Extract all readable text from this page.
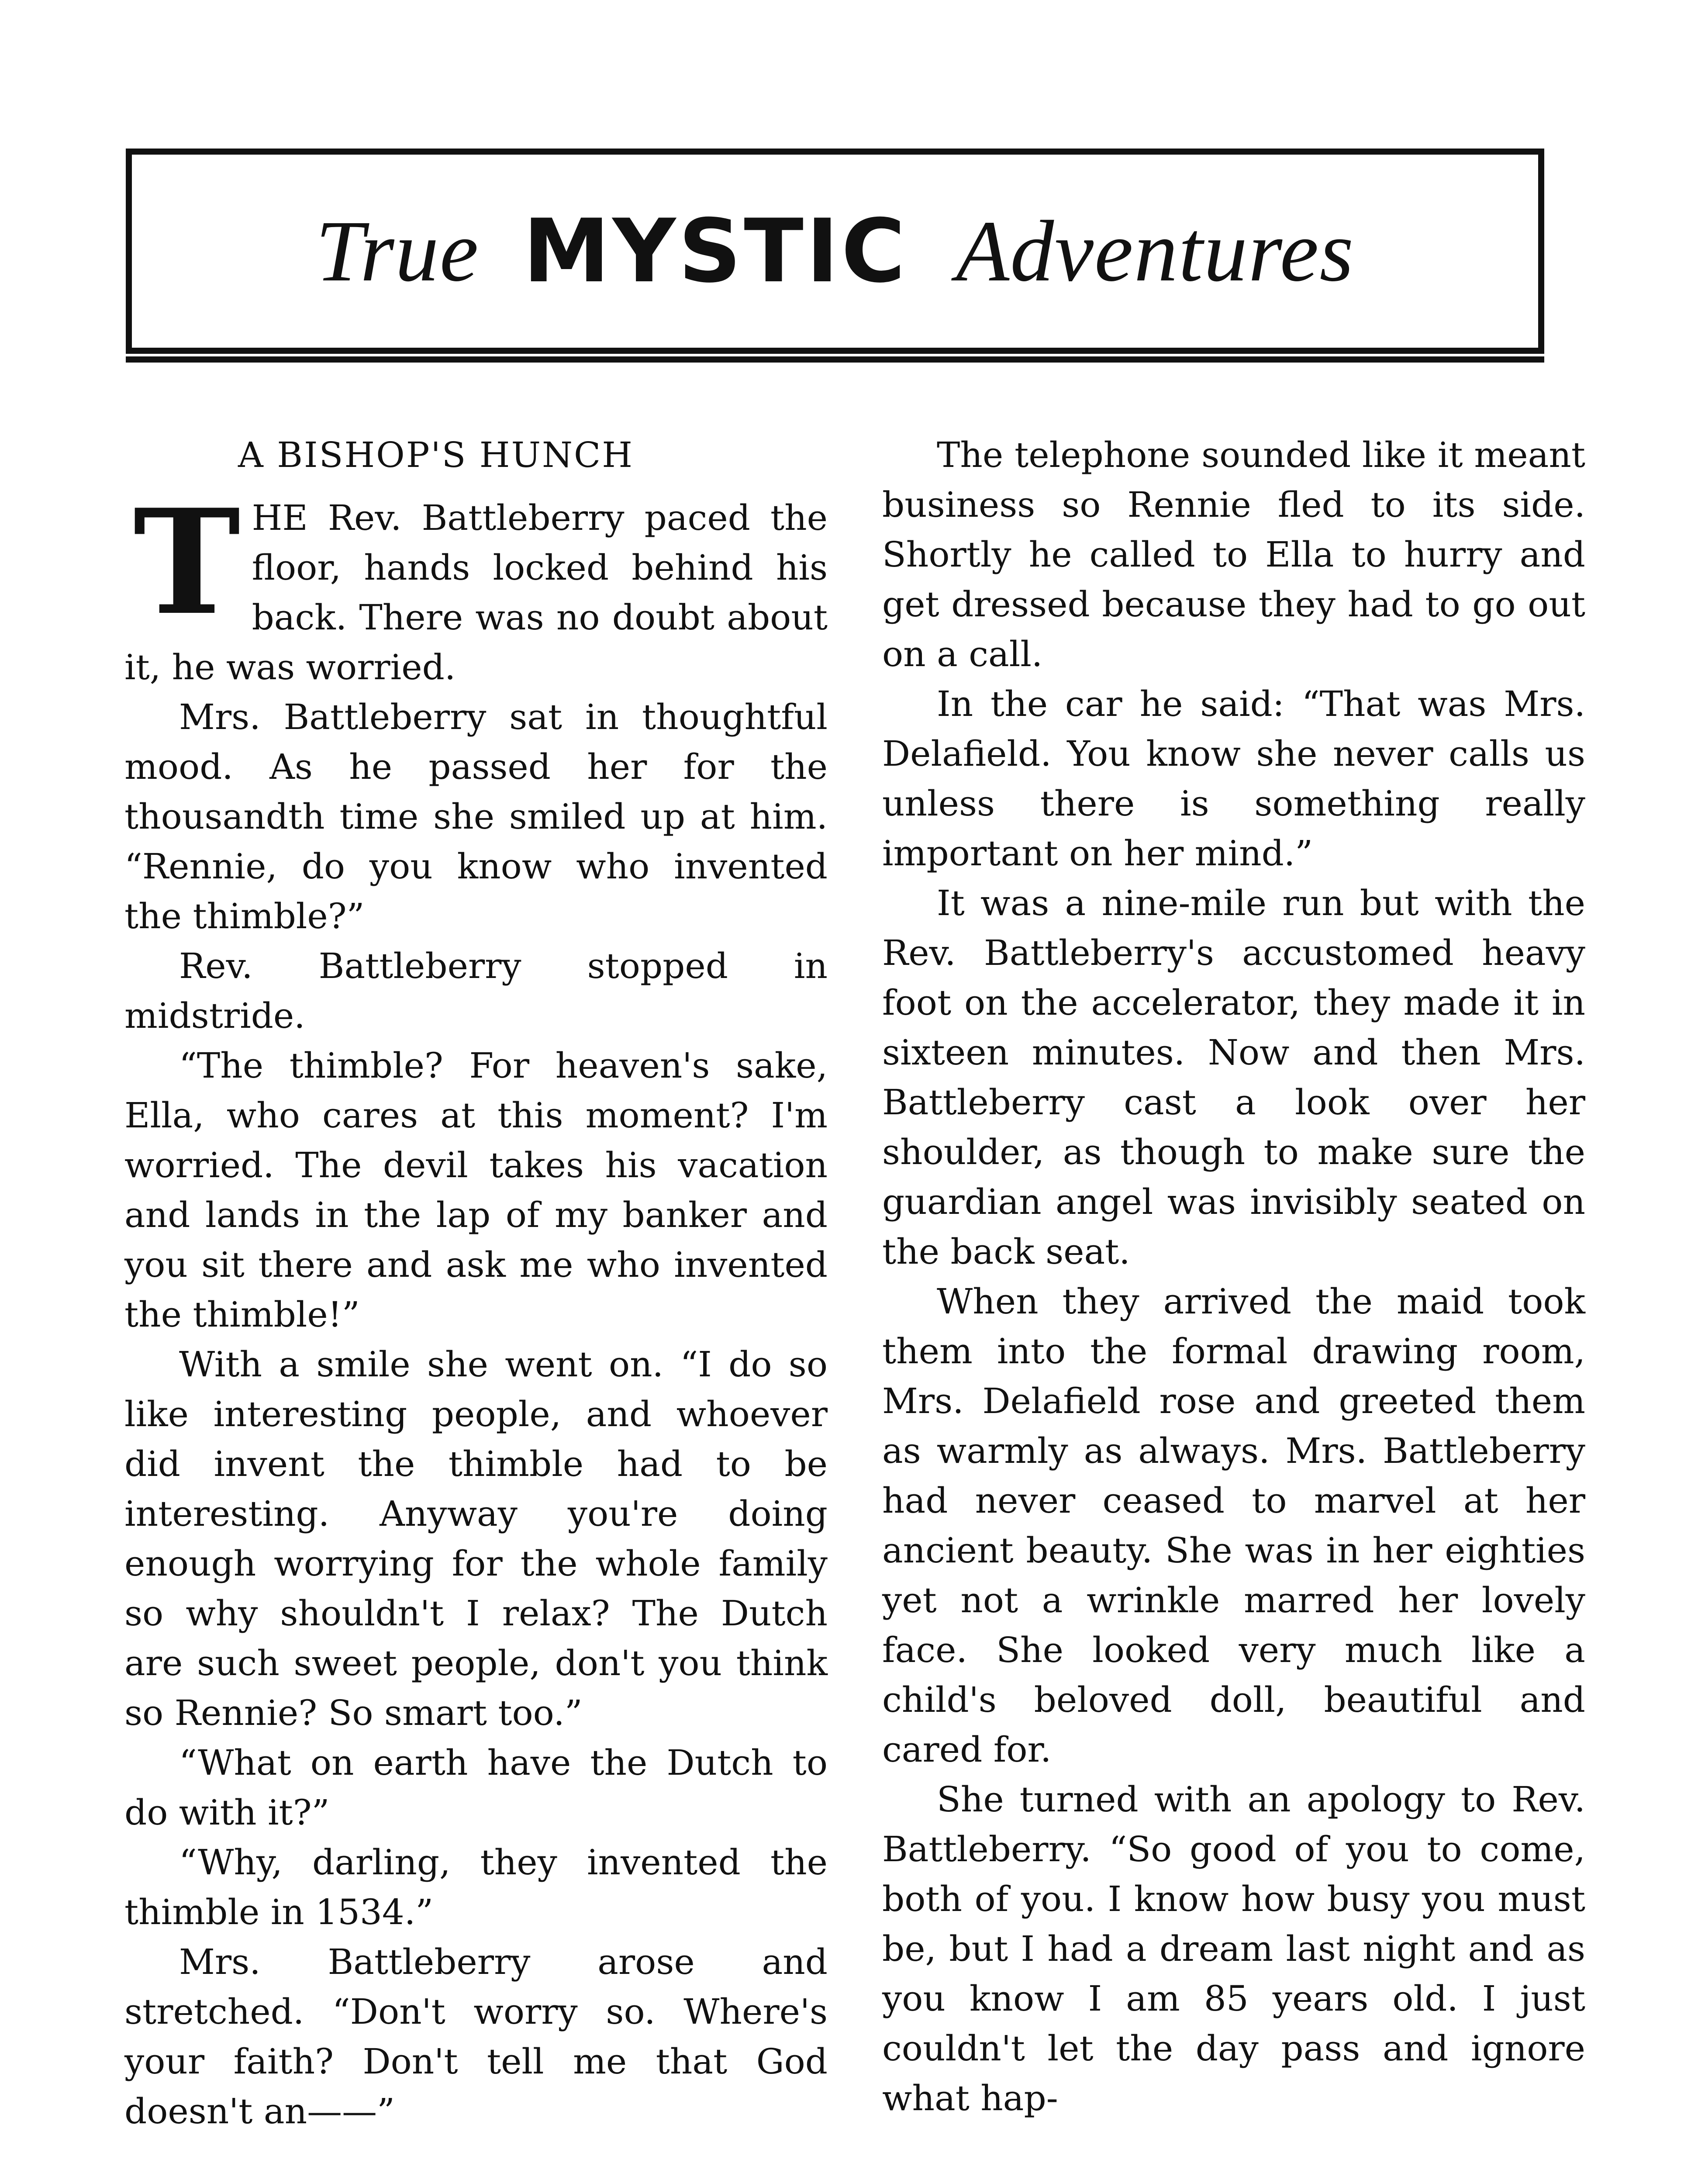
True MYSTIC Adventures
A BISHOP'S HUNCH

THE Rev. Battleberry paced the floor, hands locked behind his back. There was no doubt about it, he was worried.

Mrs. Battleberry sat in thoughtful mood. As he passed her for the thousandth time she smiled up at him. “Rennie, do you know who invented the thimble?”

Rev. Battleberry stopped in midstride.

“The thimble? For heaven's sake, Ella, who cares at this moment? I'm worried. The devil takes his vacation and lands in the lap of my banker and you sit there and ask me who invented the thimble!”

With a smile she went on. “I do so like interesting people, and whoever did invent the thimble had to be interesting. Anyway you're doing enough worrying for the whole family so why shouldn't I relax? The Dutch are such sweet people, don't you think so Rennie? So smart too.”

“What on earth have the Dutch to do with it?”

“Why, darling, they invented the thimble in 1534.”

Mrs. Battleberry arose and stretched. “Don't worry so. Where's your faith? Don't tell me that God doesn't an——”

The telephone sounded like it meant business so Rennie fled to its side. Shortly he called to Ella to hurry and get dressed because they had to go out on a call.

In the car he said: “That was Mrs. Delafield. You know she never calls us unless there is something really important on her mind.”

It was a nine-mile run but with the Rev. Battleberry's accustomed heavy foot on the accelerator, they made it in sixteen minutes. Now and then Mrs. Battleberry cast a look over her shoulder, as though to make sure the guardian angel was invisibly seated on the back seat.

When they arrived the maid took them into the formal drawing room, Mrs. Delafield rose and greeted them as warmly as always. Mrs. Battleberry had never ceased to marvel at her ancient beauty. She was in her eighties yet not a wrinkle marred her lovely face. She looked very much like a child's beloved doll, beautiful and cared for.

She turned with an apology to Rev. Battleberry. “So good of you to come, both of you. I know how busy you must be, but I had a dream last night and as you know I am 85 years old. I just couldn't let the day pass and ignore what hap-
